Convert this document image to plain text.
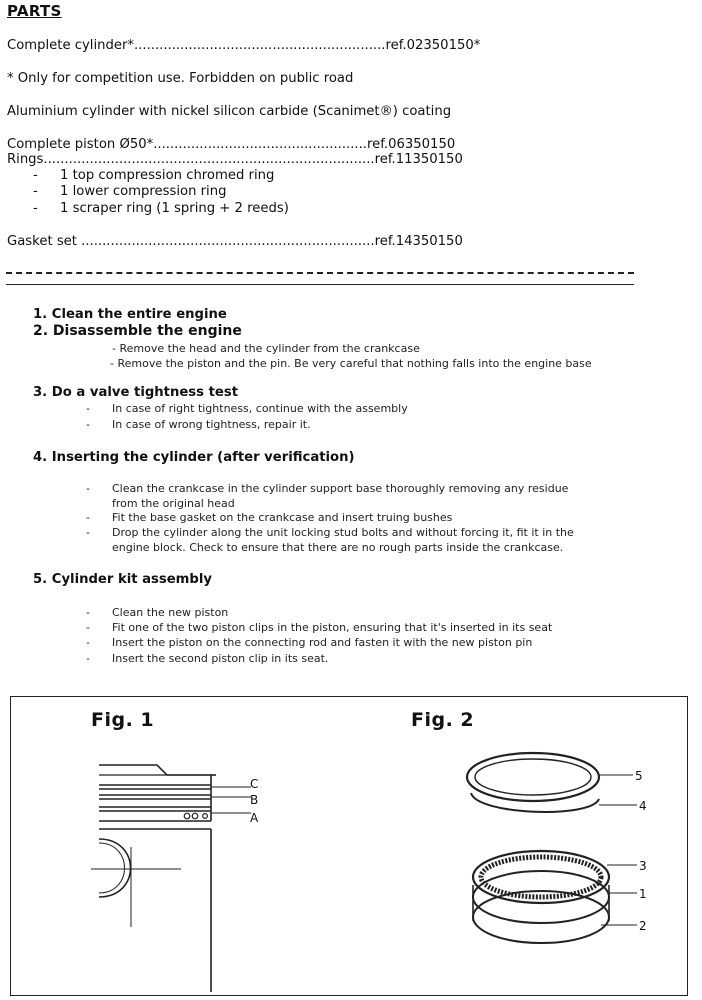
PARTS
Complete cylinder*............................................................ref.02350150*
* Only for competition use. Forbidden on public road
Aluminium cylinder with nickel silicon carbide (Scanimet®) coating
Complete piston Ø50*...................................................ref.06350150
Rings...............................................................................ref.11350150
- 1 top compression chromed ring
- 1 lower compression ring
- 1 scraper ring (1 spring + 2 reeds)
Gasket set ......................................................................ref.14350150
1. Clean the entire engine
2. Disassemble the engine
- Remove the head and the cylinder from the crankcase
- Remove the piston and the pin. Be very careful that nothing falls into the engine base
3. Do a valve tightness test
- In case of right tightness, continue with the assembly
- In case of wrong tightness, repair it.
4. Inserting the cylinder (after verification)
- Clean the crankcase in the cylinder support base thoroughly removing any residue
from the original head
- Fit the base gasket on the crankcase and insert truing bushes
- Drop the cylinder along the unit locking stud bolts and without forcing it, fit it in the
engine block. Check to ensure that there are no rough parts inside the crankcase.
5. Cylinder kit assembly
- Clean the new piston
- Fit one of the two piston clips in the piston, ensuring that it's inserted in its seat
- Insert the piston on the connecting rod and fasten it with the new piston pin
- Insert the second piston clip in its seat.
Fig. 1	Fig. 2
C
B
A
5
4
3
1
2
